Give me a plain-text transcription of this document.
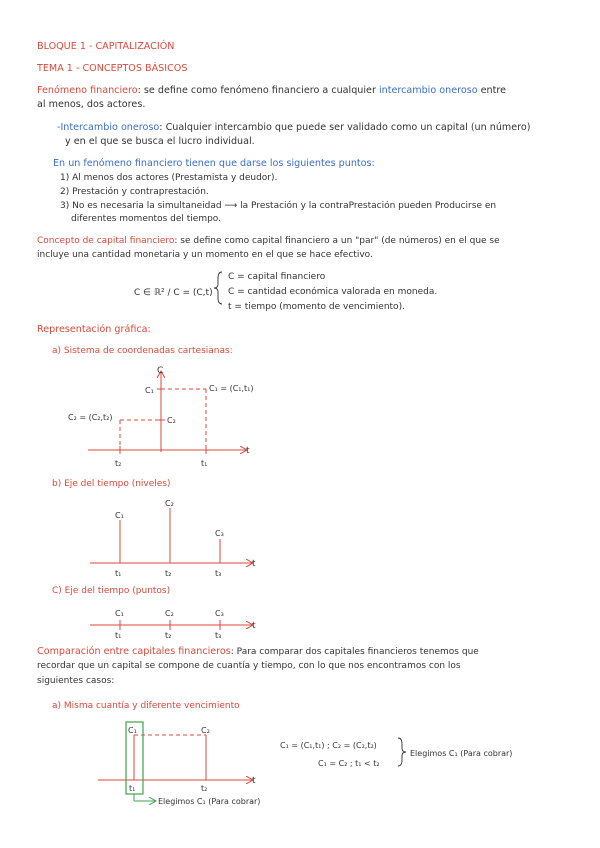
BLOQUE 1 - CAPITALIZACIÓN
TEMA 1 - CONCEPTOS BÁSICOS
Fenómeno financiero: se define como fenómeno financiero a cualquier intercambio oneroso entre
al menos, dos actores.
-Intercambio oneroso: Cualquier intercambio que puede ser validado como un capital (un número)
y en el que se busca el lucro individual.
En un fenómeno financiero tienen que darse los siguientes puntos:
1) Al menos dos actores (Prestamista y deudor).
2) Prestación y contraprestación.
3) No es necesaria la simultaneidad ⟶ la Prestación y la contraPrestación pueden Producirse en
diferentes momentos del tiempo.
Concepto de capital financiero: se define como capital financiero a un "par" (de números) en el que se
incluye una cantidad monetaria y un momento en el que se hace efectivo.
C ∈ ℝ² / C = (C,t)
C = capital financiero
C = cantidad económica valorada en moneda.
t = tiempo (momento de vencimiento).
Representación gráfica:
a) Sistema de coordenadas cartesianas:
b) Eje del tiempo (niveles)
C) Eje del tiempo (puntos)
Comparación entre capitales financieros: Para comparar dos capitales financieros tenemos que
recordar que un capital se compone de cuantía y tiempo, con lo que nos encontramos con los
siguientes casos:
a) Misma cuantía y diferente vencimiento
C
t
C₁	C₁ = (C₁,t₁)
C₂
C₂ = (C₂,t₂)
t₂	t₁
t
C₁
C₂
C₃
t₁	t₂	t₃
t
C₁	C₂	C₃
t₁	t₂	t₃
t
C₁	C₂
t₁	t₂
Elegimos C₁ (Para cobrar)
C₁ = (C₁,t₁) ; C₂ = (C₂,t₂)
C₁ = C₂ ; t₁ < t₂
Elegimos C₁ (Para cobrar)
